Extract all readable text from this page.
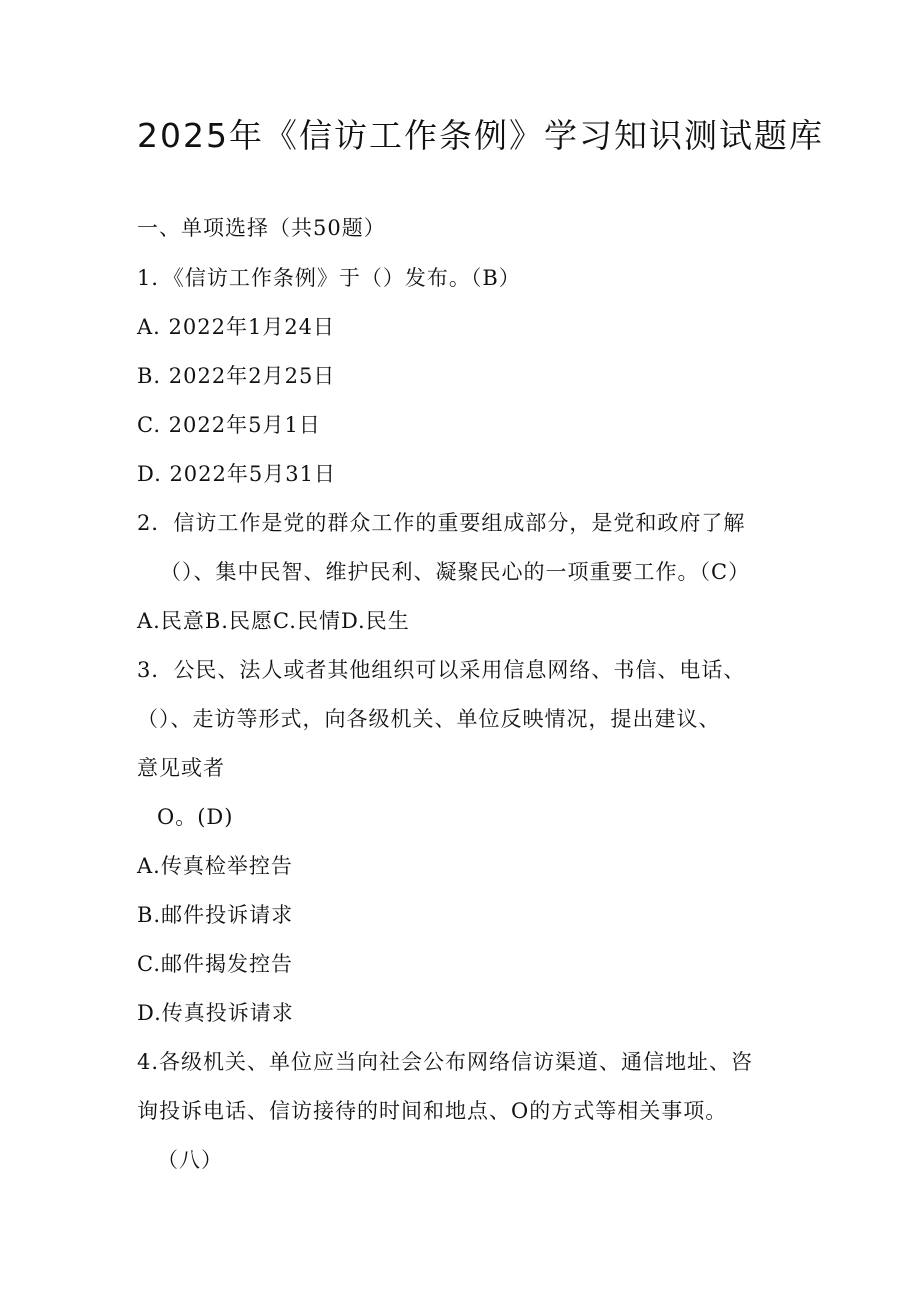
2025年《信访工作条例》学习知识测试题库
一、单项选择（共50题）
1．《信访工作条例》于（）发布。（B）
A. 2022年1月24日
B. 2022年2月25日
C. 2022年5月1日
D. 2022年5月31日
2．信访工作是党的群众工作的重要组成部分，是党和政府了解
（）、集中民智、维护民利、凝聚民心的一项重要工作。（C）
A.民意B.民愿C.民情D.民生
3．公民、法人或者其他组织可以采用信息网络、书信、电话、
（）、走访等形式，向各级机关、单位反映情况，提出建议、
意见或者
O。(D)
A.传真检举控告
B.邮件投诉请求
C.邮件揭发控告
D.传真投诉请求
4.各级机关、单位应当向社会公布网络信访渠道、通信地址、咨
询投诉电话、信访接待的时间和地点、O的方式等相关事项。
（八）
